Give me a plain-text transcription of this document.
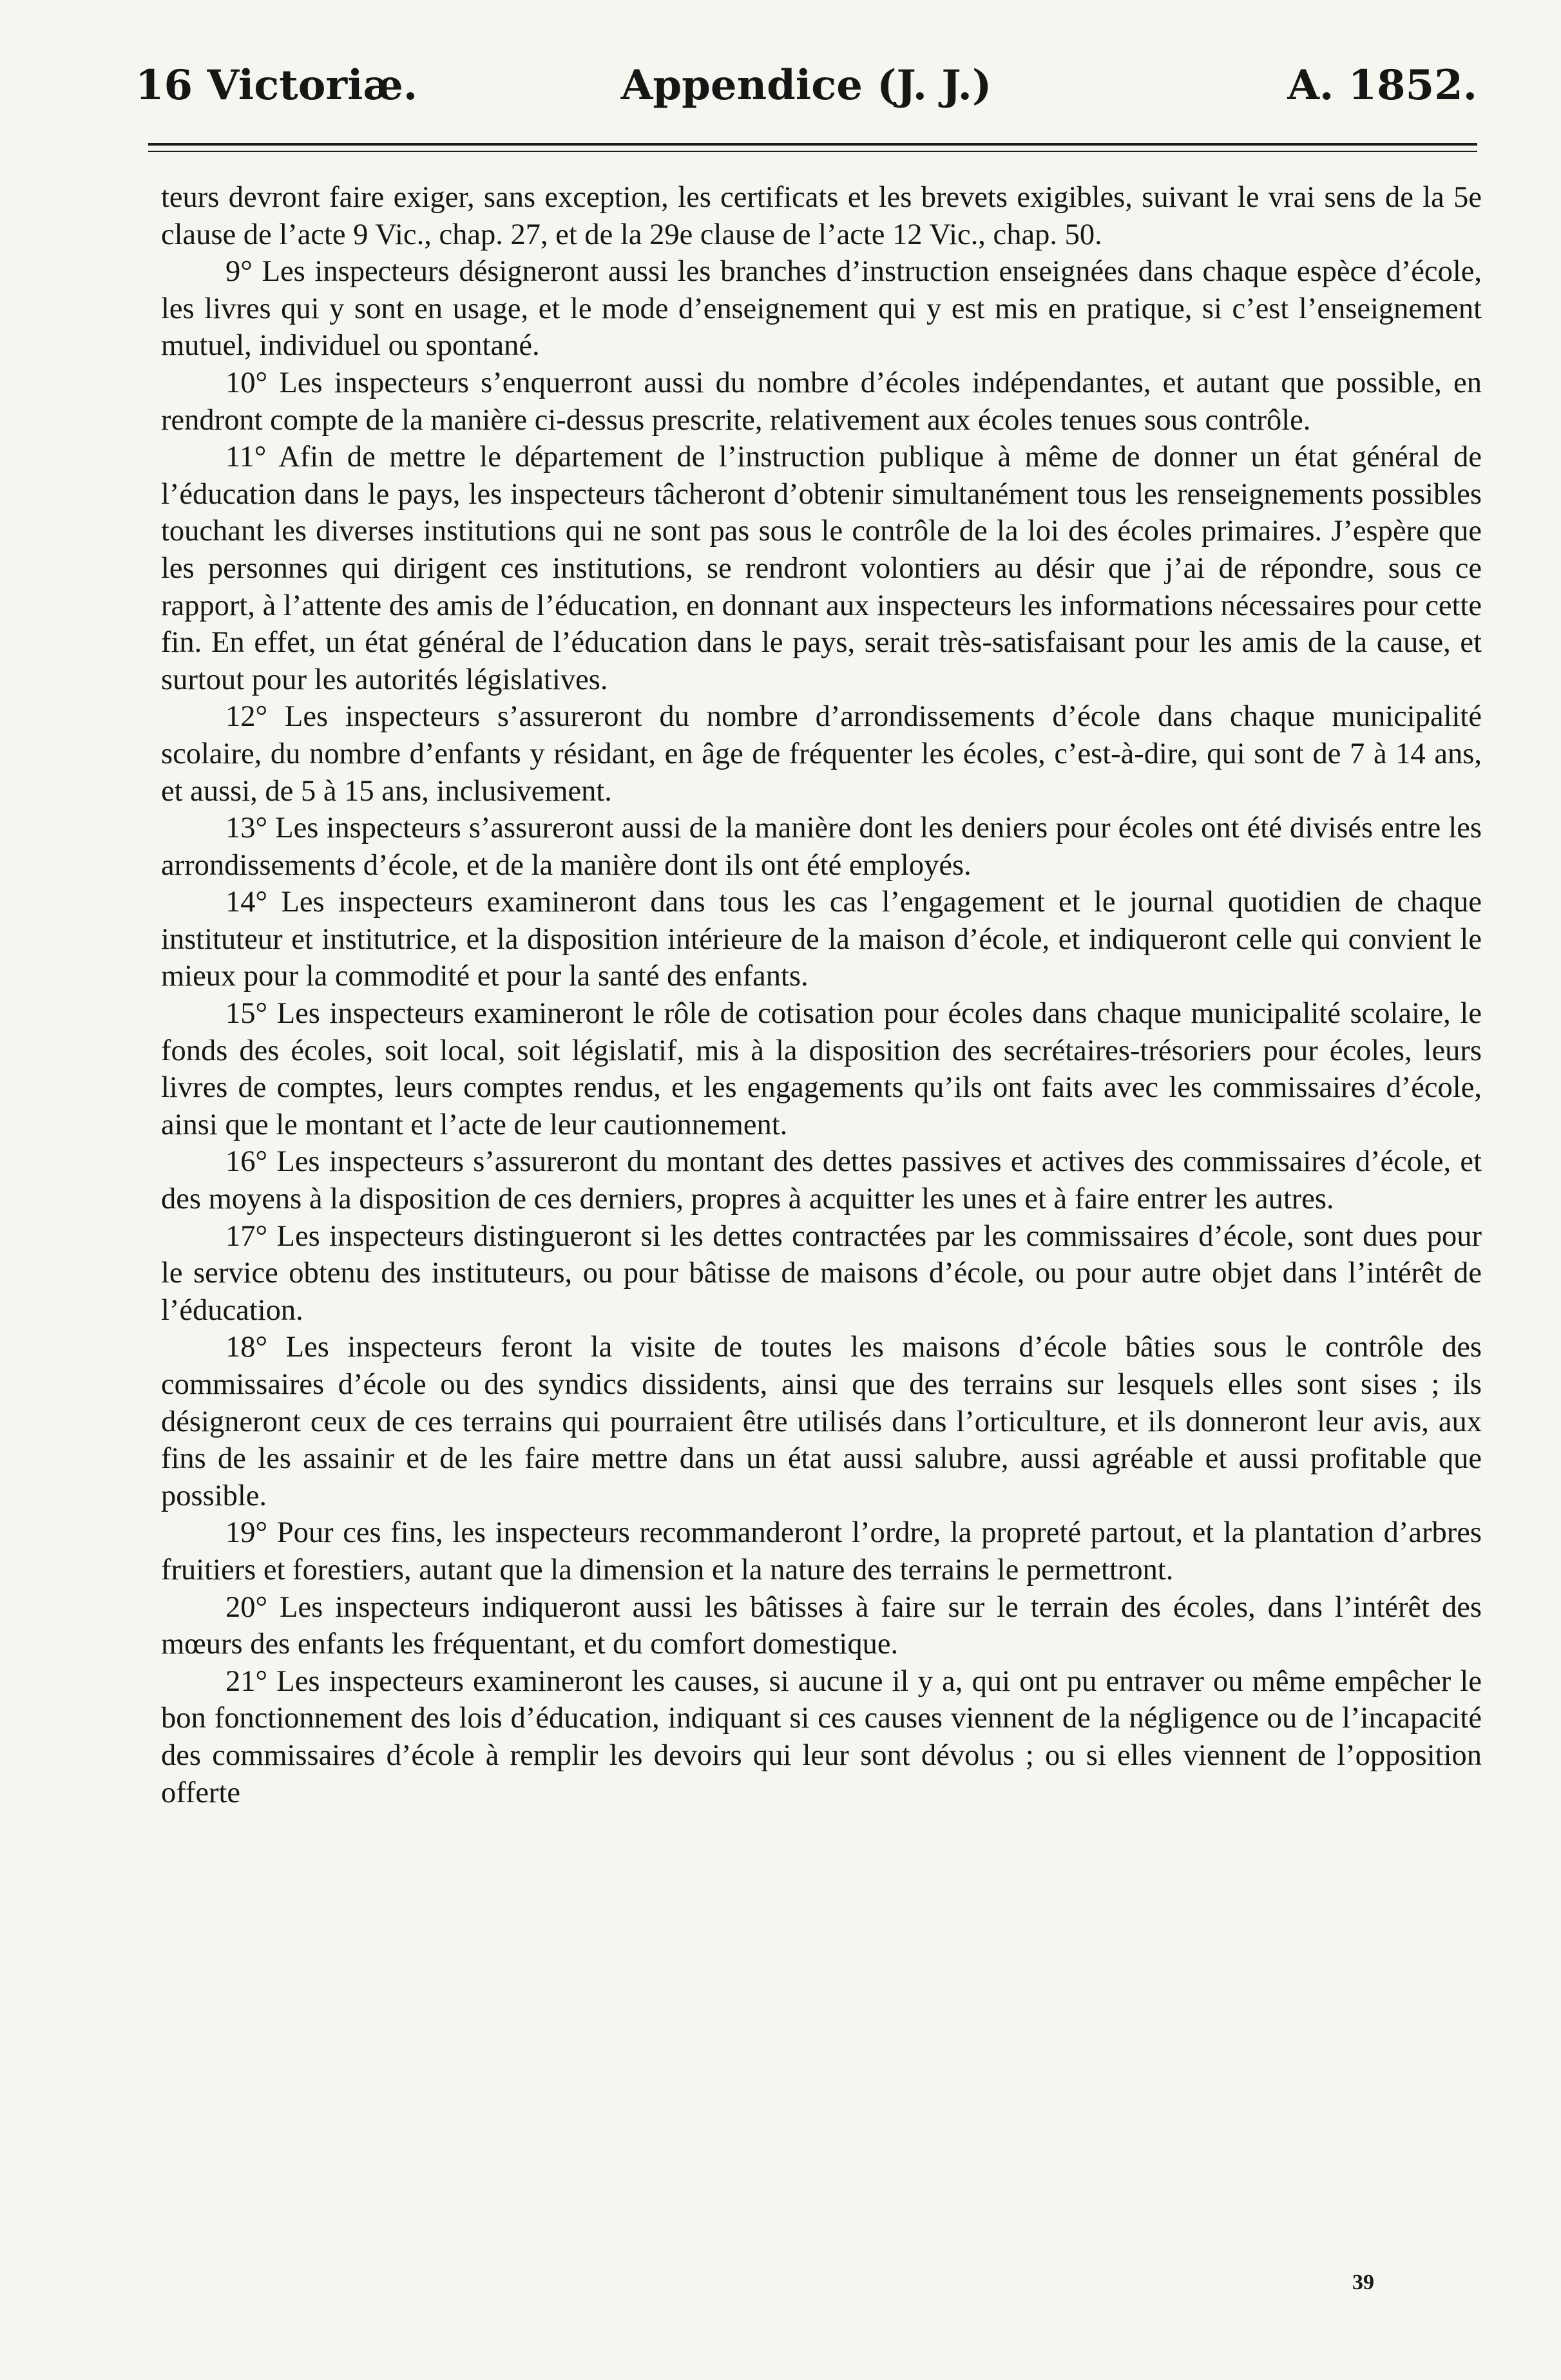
16 Victoriæ.	Appendice (J. J.)	A. 1852.

teurs devront faire exiger, sans exception, les certificats et les brevets exigibles, suivant le vrai sens de la 5e clause de l’acte 9 Vic., chap. 27, et de la 29e clause de l’acte 12 Vic., chap. 50.

9° Les inspecteurs désigneront aussi les branches d’instruction enseignées dans chaque espèce d’école, les livres qui y sont en usage, et le mode d’enseignement qui y est mis en pratique, si c’est l’enseignement mutuel, individuel ou spontané.

10° Les inspecteurs s’enquerront aussi du nombre d’écoles indépendantes, et autant que possible, en rendront compte de la manière ci-dessus prescrite, relativement aux écoles tenues sous contrôle.

11° Afin de mettre le département de l’instruction publique à même de donner un état général de l’éducation dans le pays, les inspecteurs tâcheront d’obtenir simultanément tous les renseignements possibles touchant les diverses institutions qui ne sont pas sous le contrôle de la loi des écoles primaires. J’espère que les personnes qui dirigent ces institutions, se rendront volontiers au désir que j’ai de répondre, sous ce rapport, à l’attente des amis de l’éducation, en donnant aux inspecteurs les informations nécessaires pour cette fin. En effet, un état général de l’éducation dans le pays, serait très-satisfaisant pour les amis de la cause, et surtout pour les autorités législatives.

12° Les inspecteurs s’assureront du nombre d’arrondissements d’école dans chaque municipalité scolaire, du nombre d’enfants y résidant, en âge de fréquenter les écoles, c’est-à-dire, qui sont de 7 à 14 ans, et aussi, de 5 à 15 ans, inclusivement.

13° Les inspecteurs s’assureront aussi de la manière dont les deniers pour écoles ont été divisés entre les arrondissements d’école, et de la manière dont ils ont été employés.

14° Les inspecteurs examineront dans tous les cas l’engagement et le journal quotidien de chaque instituteur et institutrice, et la disposition intérieure de la maison d’école, et indiqueront celle qui convient le mieux pour la commodité et pour la santé des enfants.

15° Les inspecteurs examineront le rôle de cotisation pour écoles dans chaque municipalité scolaire, le fonds des écoles, soit local, soit législatif, mis à la disposition des secrétaires-trésoriers pour écoles, leurs livres de comptes, leurs comptes rendus, et les engagements qu’ils ont faits avec les commissaires d’école, ainsi que le montant et l’acte de leur cautionnement.

16° Les inspecteurs s’assureront du montant des dettes passives et actives des commissaires d’école, et des moyens à la disposition de ces derniers, propres à acquitter les unes et à faire entrer les autres.

17° Les inspecteurs distingueront si les dettes contractées par les commissaires d’école, sont dues pour le service obtenu des instituteurs, ou pour bâtisse de maisons d’école, ou pour autre objet dans l’intérêt de l’éducation.

18° Les inspecteurs feront la visite de toutes les maisons d’école bâties sous le contrôle des commissaires d’école ou des syndics dissidents, ainsi que des terrains sur lesquels elles sont sises ; ils désigneront ceux de ces terrains qui pourraient être utilisés dans l’orticulture, et ils donneront leur avis, aux fins de les assainir et de les faire mettre dans un état aussi salubre, aussi agréable et aussi profitable que possible.

19° Pour ces fins, les inspecteurs recommanderont l’ordre, la propreté partout, et la plantation d’arbres fruitiers et forestiers, autant que la dimension et la nature des terrains le permettront.

20° Les inspecteurs indiqueront aussi les bâtisses à faire sur le terrain des écoles, dans l’intérêt des mœurs des enfants les fréquentant, et du comfort domestique.

21° Les inspecteurs examineront les causes, si aucune il y a, qui ont pu entraver ou même empêcher le bon fonctionnement des lois d’éducation, indiquant si ces causes viennent de la négligence ou de l’incapacité des commissaires d’école à remplir les devoirs qui leur sont dévolus ; ou si elles viennent de l’opposition offerte

39
